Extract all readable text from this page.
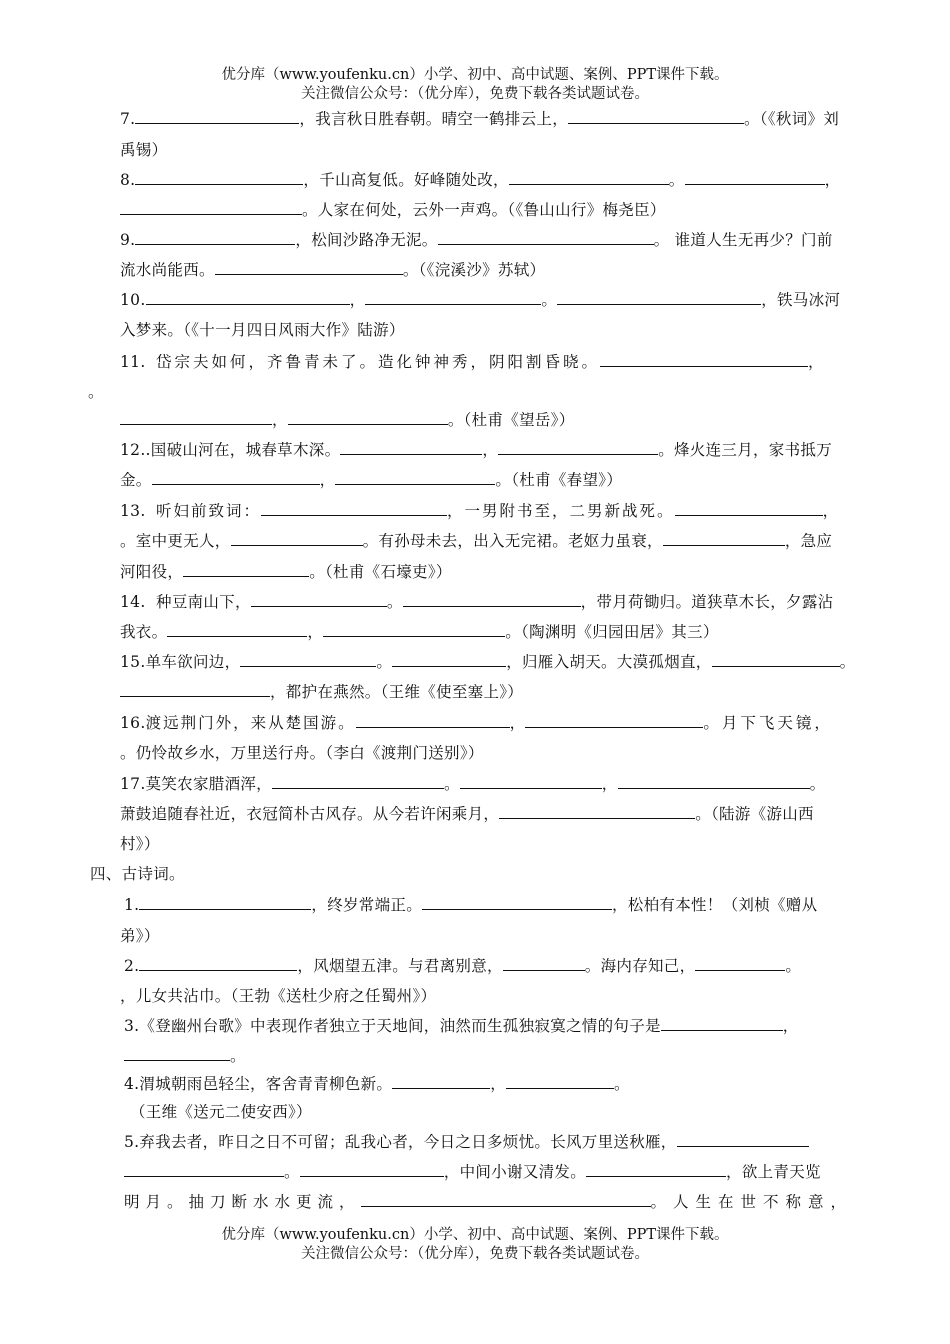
优分库（www.youfenku.cn）小学、初中、高中试题、案例、PPT课件下载。
关注微信公众号：（优分库），免费下载各类试题试卷。
7.	，我言秋日胜春朝。晴空一鹤排云上，	。（《秋词》刘
禹锡）
8.	，千山高复低。好峰随处改，	。	，
。人家在何处，云外一声鸡。（《鲁山山行》梅尧臣）
9.	，松间沙路净无泥。	。 谁道人生无再少？门前
流水尚能西。	。（《浣溪沙》苏轼）
10.	，	。	，铁马冰河
入梦来。（《十一月四日风雨大作》陆游）
11. 岱宗夫如何，齐鲁青未了。造化钟神秀，阴阳割昏晓。	，
。
，	。（杜甫《望岳》）
12..国破山河在，城春草木深。	，	。烽火连三月，家书抵万
金。	，	。（杜甫《春望》）
13. 听妇前致词：	，一男附书至，二男新战死。	，
。室中更无人，	。有孙母未去，出入无完裙。老妪力虽衰，	，急应
河阳役，	。（杜甫《石壕吏》）
14. 种豆南山下，	。	，带月荷锄归。道狭草木长，夕露沾
我衣。	，	。（陶渊明《归园田居》其三）
15.单车欲问边，	。	，归雁入胡天。大漠孤烟直，	。
，都护在燕然。（王维《使至塞上》）
16.渡远荆门外，来从楚国游。	，	。月下飞天镜，
。仍怜故乡水，万里送行舟。（李白《渡荆门送别》）
17.莫笑农家腊酒浑，	。	，	。
萧鼓追随春社近，衣冠简朴古风存。从今若许闲乘月，	。（陆游《游山西
村》）
四、古诗词。
1.	，终岁常端正。	，松柏有本性！（刘桢《赠从
弟》）
2.	，风烟望五津。与君离别意，	。海内存知己，	。
，儿女共沾巾。（王勃《送杜少府之任蜀州》）
3.《登幽州台歌》中表现作者独立于天地间，油然而生孤独寂寞之情的句子是	，
。
4.渭城朝雨邑轻尘，客舍青青柳色新。	，	。
（王维《送元二使安西》）
5.弃我去者，昨日之日不可留；乱我心者，今日之日多烦忧。长风万里送秋雁，
。	，中间小谢又清发。	，欲上青天览
明月。抽刀断水水更流，	。人生在世不称意，
优分库（www.youfenku.cn）小学、初中、高中试题、案例、PPT课件下载。
关注微信公众号：（优分库），免费下载各类试题试卷。
